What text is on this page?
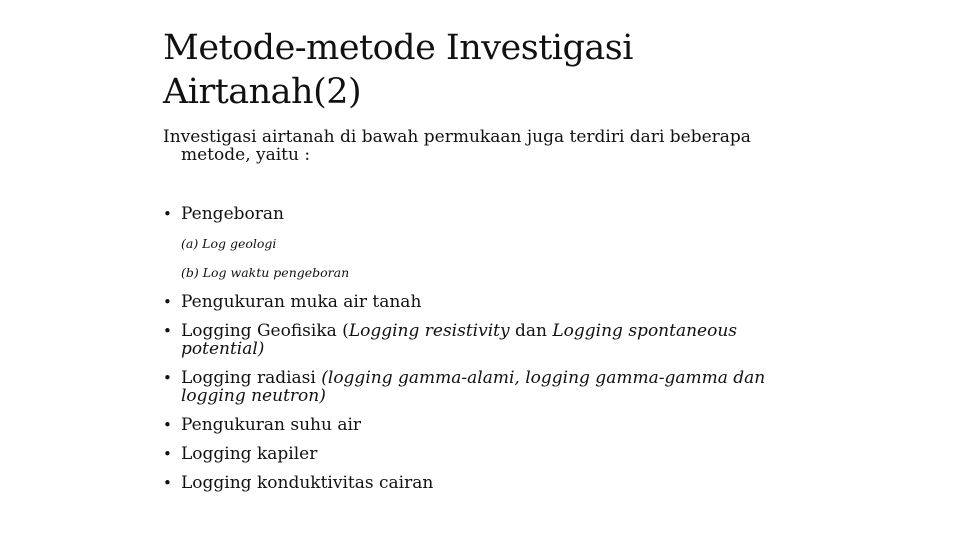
Metode-metode Investigasi
Airtanah(2)

Investigasi airtanah di bawah permukaan juga terdiri dari beberapa
metode, yaitu :

• Pengeboran
(a) Log geologi
(b) Log waktu pengeboran
• Pengukuran muka air tanah
• Logging Geofisika (Logging resistivity dan Logging spontaneous potential)
• Logging radiasi (logging gamma-alami, logging gamma-gamma dan logging neutron)
• Pengukuran suhu air
• Logging kapiler
• Logging konduktivitas cairan
